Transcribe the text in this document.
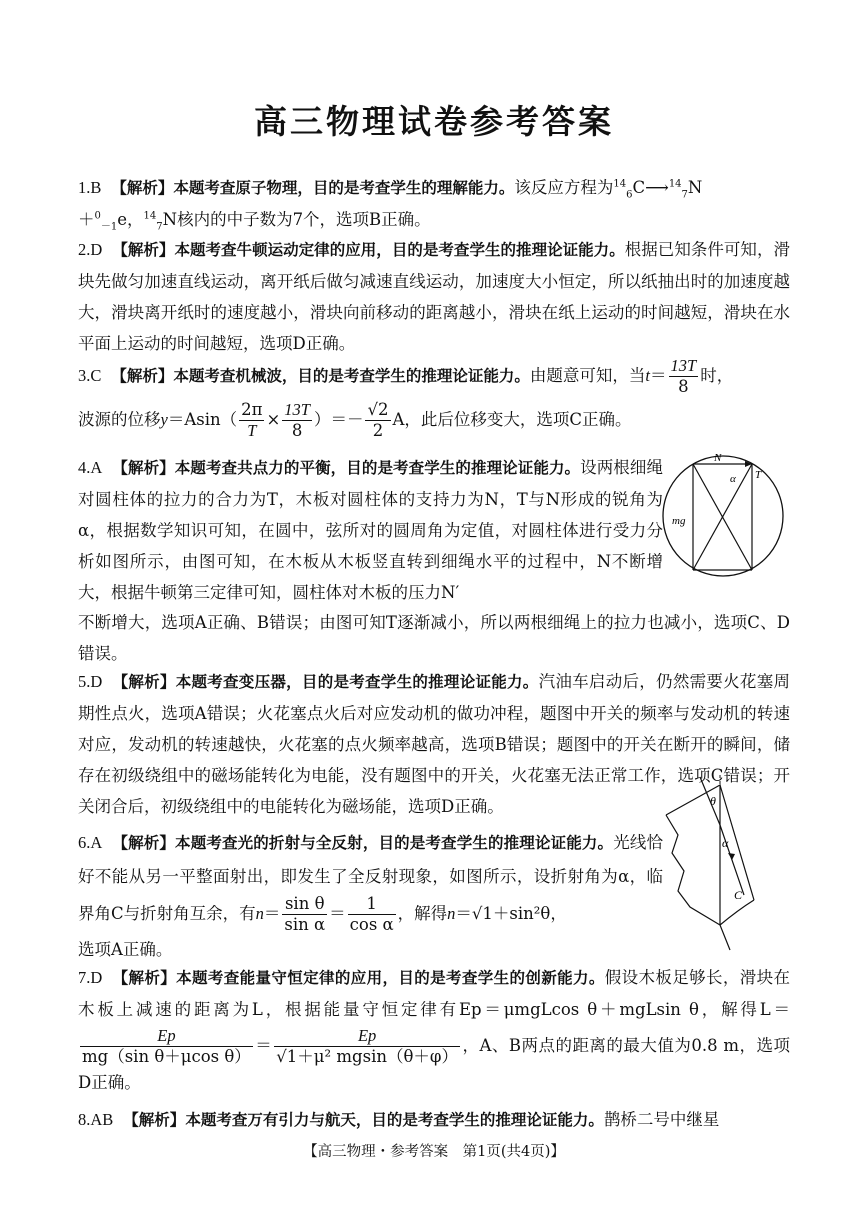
高三物理试卷参考答案

1.B 【解析】本题考查原子物理，目的是考查学生的理解能力。该反应方程为$^{14}_6$C⟶$^{14}_7$N
＋$^0_{-1}$e，$^{14}_7$N核内的中子数为7个，选项B正确。

2.D 【解析】本题考查牛顿运动定律的应用，目的是考查学生的推理论证能力。根据已知条件可知，滑块先做匀加速直线运动，离开纸后做匀减速直线运动，加速度大小恒定，所以纸抽出时的加速度越大，滑块离开纸时的速度越小，滑块向前移动的距离越小，滑块在纸上运动的时间越短，滑块在水平面上运动的时间越短，选项D正确。

3.C 【解析】本题考查机械波，目的是考查学生的推理论证能力。由题意可知，当$t= \frac{13T}{8}$ 时，
波源的位移$y=Asin( \frac{2\pi}{T} \times \frac{13T}{8}$ ）＝－ $\frac{√2}{2}$ A，此后位移变大，选项C正确。

4.A 【解析】本题考查共点力的平衡，目的是考查学生的推理论证能力。设两根细绳对圆柱体的拉力的合力为T，木板对圆柱体的支持力为N，T与N形成的锐角为α，根据数学知识可知，在圆中，弦所对的圆周角为定值，对圆柱体进行受力分析如图所示，由图可知，在木板从木板竖直转到细绳水平的过程中，N不断增大，根据牛顿第三定律可知，圆柱体对木板的压力N′

不断增大，选项A正确、B错误；由图可知T逐渐减小，所以两根细绳上的拉力也减小，选项C、D错误。

N
T
α
mg

5.D 【解析】本题考查变压器，目的是考查学生的推理论证能力。汽油车启动后，仍然需要火花塞周期性点火，选项A错误；火花塞点火后对应发动机的做功冲程，题图中开关的频率与发动机的转速对应，发动机的转速越快，火花塞的点火频率越高，选项B错误；题图中的开关在断开的瞬间，储存在初级绕组中的磁场能转化为电能，没有题图中的开关，火花塞无法正常工作，选项C错误；开关闭合后，初级绕组中的电能转化为磁场能，选项D正确。

6.A 【解析】本题考查光的折射与全反射，目的是考查学生的推理论证能力。光线恰好不能从另一平整面射出，即发生了全反射现象，如图所示，设折射角为α，临界角C与折射角互余，有$n= \frac{\text{sin θ}}{\text{sin α}} = \frac{1}{\text{cos α}}$ ，解得n＝√1＋sin²θ，

选项A正确。

θ
α
C

7.D 【解析】本题考查能量守恒定律的应用，目的是考查学生的创新能力。假设木板足够长，滑块在木板上减速的距离为L，根据能量守恒定律有Ep＝μmgLcos θ＋mgLsin θ，解得L＝
$\frac{Ep}{\text{mg（sin θ＋μcos θ）}} = \frac{Ep}{\text{√1＋μ² mgsin（θ＋φ）}}$ ，A、B两点的距离的最大值为0.8 m，选项D正确。

8.AB 【解析】本题考查万有引力与航天，目的是考查学生的推理论证能力。鹊桥二号中继星

【高三物理・参考答案　第1页(共4页)】
